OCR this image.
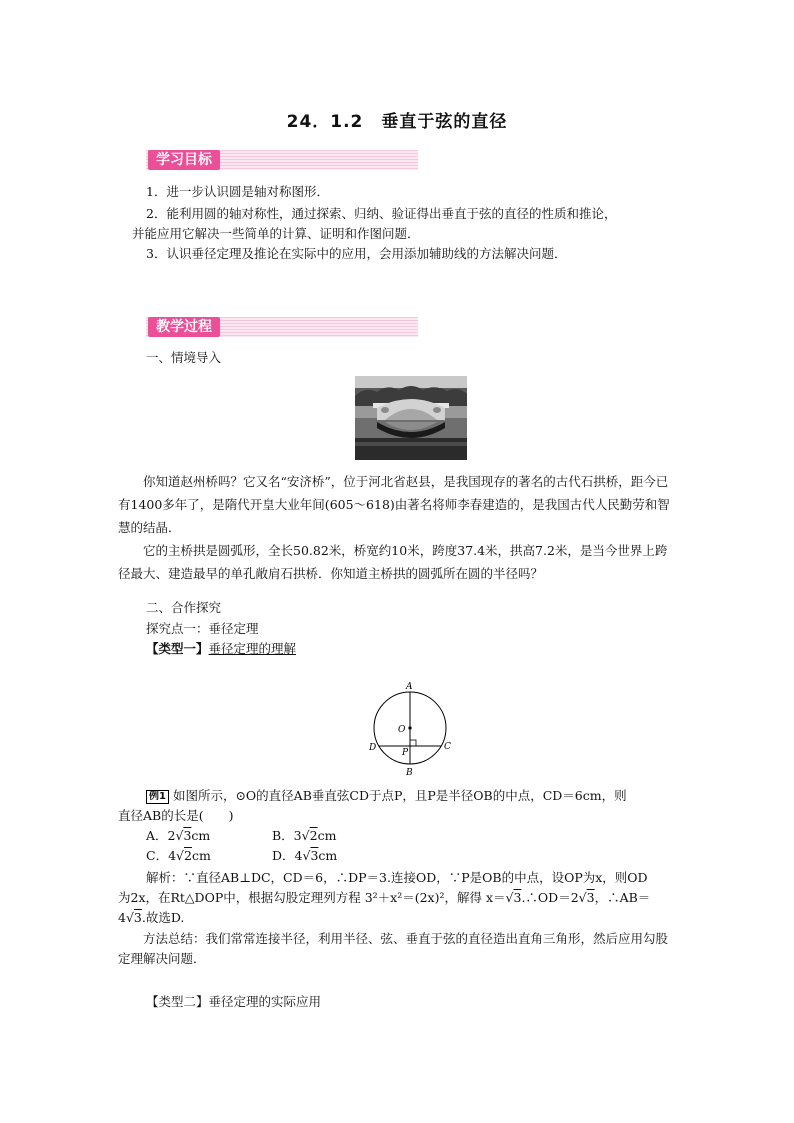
24．1.2　垂直于弦的直径
学习目标
1．进一步认识圆是轴对称图形．
2．能利用圆的轴对称性，通过探索、归纳、验证得出垂直于弦的直径的性质和推论，
并能应用它解决一些简单的计算、证明和作图问题．
3．认识垂径定理及推论在实际中的应用，会用添加辅助线的方法解决问题．
教学过程
一、情境导入
你知道赵州桥吗？它又名“安济桥”，位于河北省赵县，是我国现存的著名的古代石拱桥，距今已有1400多年了，是隋代开皇大业年间(605～618)由著名将师李春建造的，是我国古代人民勤劳和智慧的结晶．
它的主桥拱是圆弧形，全长50.82米，桥宽约10米，跨度37.4米，拱高7.2米，是当今世界上跨径最大、建造最早的单孔敞肩石拱桥．你知道主桥拱的圆弧所在圆的半径吗？
二、合作探究
探究点一：垂径定理
【类型一】垂径定理的理解
A
O
D	P
C
B
例1 如图所示，⊙O的直径AB垂直弦CD于点P，且P是半径OB的中点，CD＝6cm，则
直径AB的长是(　　)
A．2√3cm	B．3√2cm
C．4√2cm	D．4√3cm
解析：∵直径AB⊥DC，CD＝6，∴DP＝3.连接OD，∵P是OB的中点，设OP为x，则OD
为2x，在Rt△DOP中，根据勾股定理列方程 3²＋x²＝(2x)²，解得 x＝√3.∴OD＝2√3，∴AB＝
4√3.故选D.
方法总结：我们常常连接半径，利用半径、弦、垂直于弦的直径造出直角三角形，然后应用勾股定理解决问题．
【类型二】垂径定理的实际应用
